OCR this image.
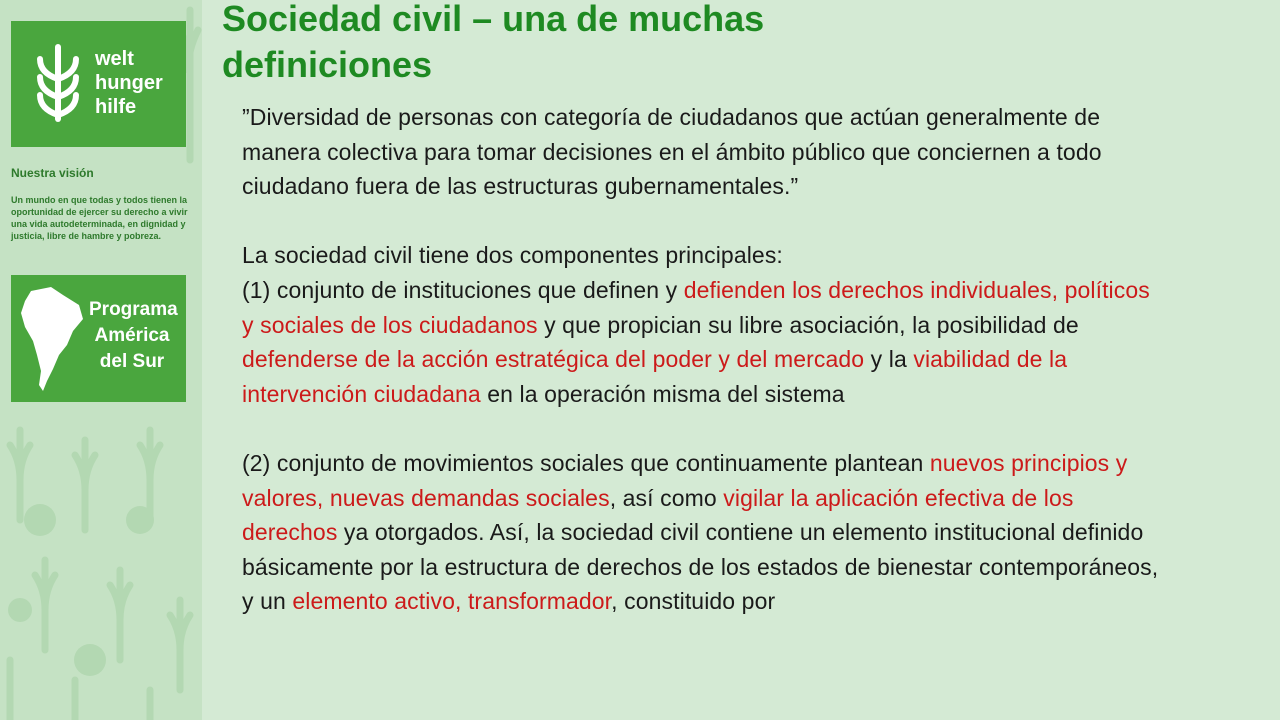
welt
hunger
hilfe
Nuestra visión
Un mundo en que todas y todos tienen la oportunidad de ejercer su derecho a vivir una vida autodeterminada, en dignidad y justicia, libre de hambre y pobreza.
Programa
América
del Sur
Sociedad civil – una de muchas
definiciones

”Diversidad de personas con categoría de ciudadanos que actúan generalmente de manera colectiva para tomar decisiones en el ámbito público que conciernen a todo ciudadano fuera de las estructuras gubernamentales.”

La sociedad civil tiene dos componentes principales:

(1) conjunto de instituciones que definen y defienden los derechos individuales, políticos y sociales de los ciudadanos y que propician su libre asociación, la posibilidad de defenderse de la acción estratégica del poder y del mercado y la viabilidad de la intervención ciudadana en la operación misma del sistema

(2) conjunto de movimientos sociales que continuamente plantean nuevos principios y valores, nuevas demandas sociales, así como vigilar la aplicación efectiva de los derechos ya otorgados. Así, la sociedad civil contiene un elemento institucional definido básicamente por la estructura de derechos de los estados de bienestar contemporáneos, y un elemento activo, transformador, constituido por
